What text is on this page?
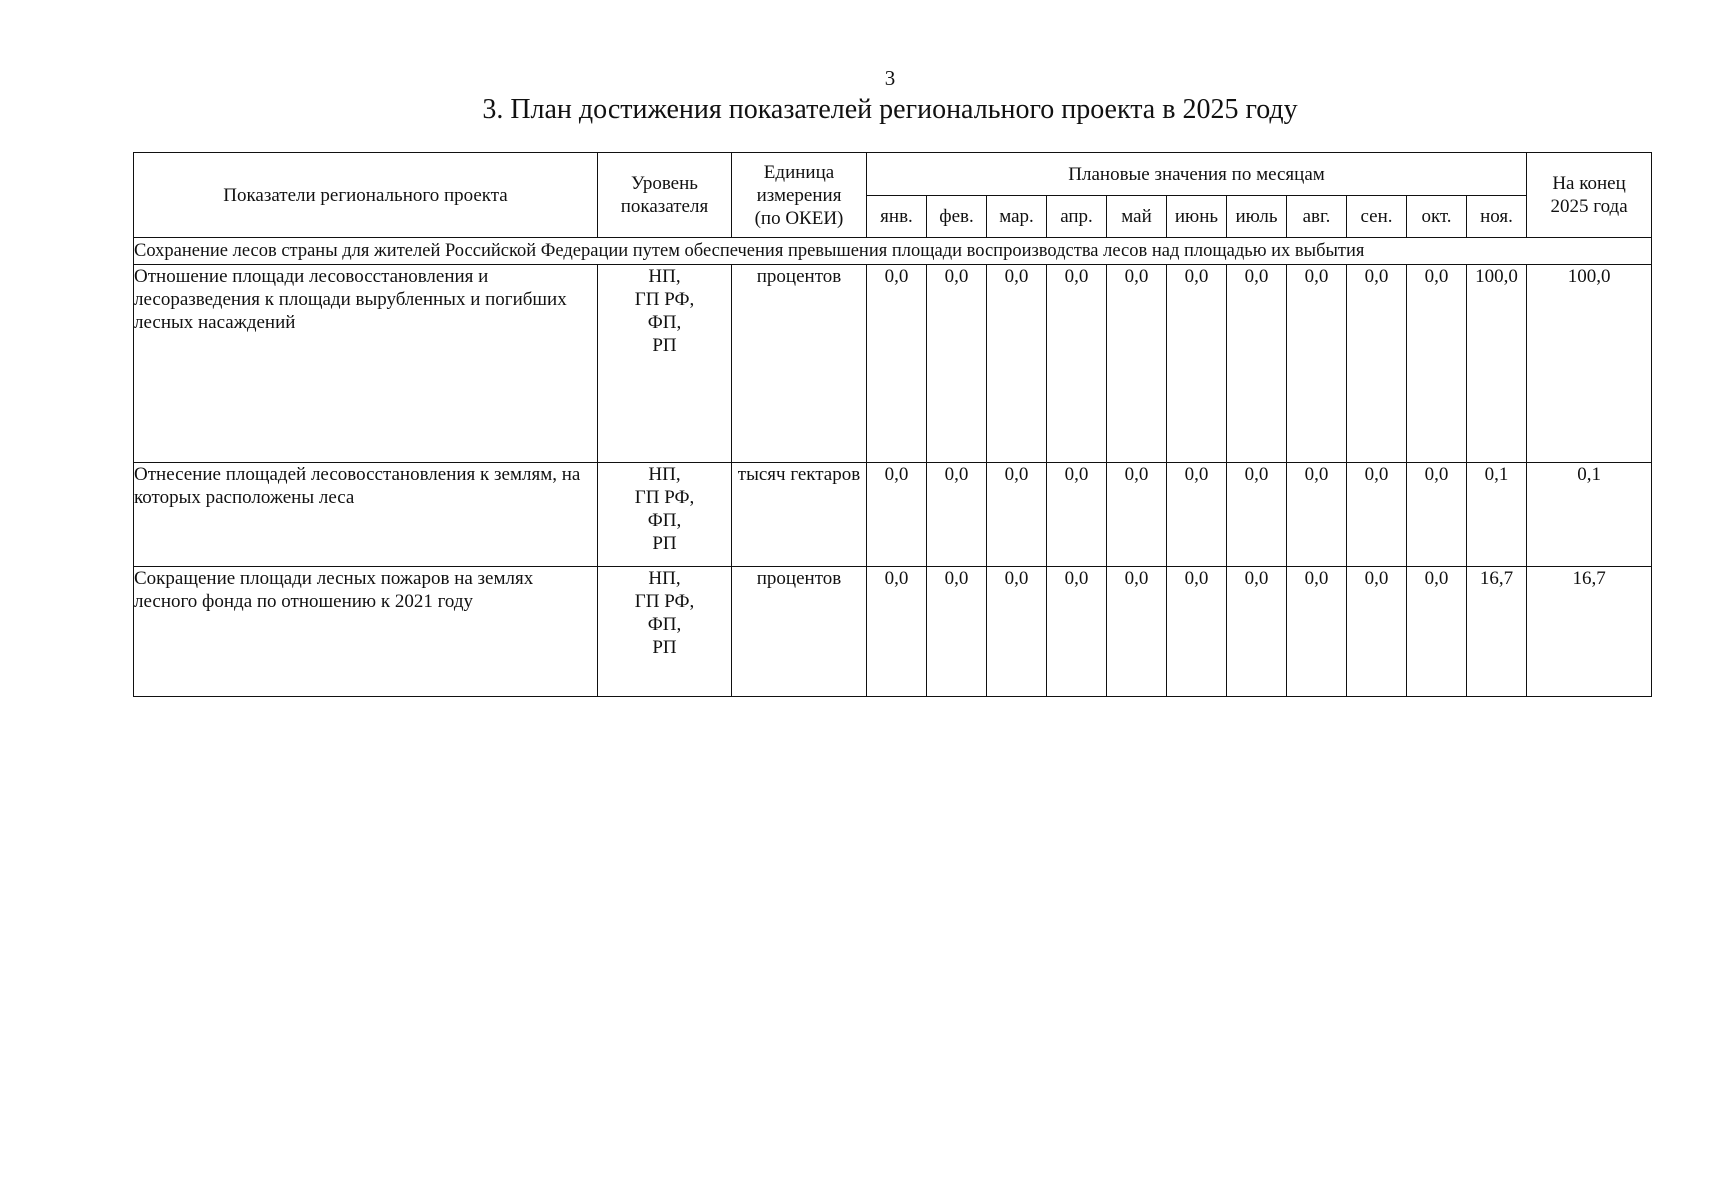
3
3. План достижения показателей регионального проекта в 2025 году
Показатели регионального проекта	Уровень показателя	Единица измерения (по ОКЕИ)	Плановые значения по месяцам											На конец 2025 года
			янв.	фев.	мар.	апр.	май	июнь	июль	авг.	сен.	окт.	ноя.	
Сохранение лесов страны для жителей Российской Федерации путем обеспечения превышения площади воспроизводства лесов над площадью их выбытия														
Отношение площади лесовосстановления и лесоразведения к площади вырубленных и погибших лесных насаждений	НП,
ГП РФ,
ФП,
РП	процентов	0,0	0,0	0,0	0,0	0,0	0,0	0,0	0,0	0,0	0,0	100,0	100,0
Отнесение площадей лесовосстановления к землям, на которых расположены леса	НП,
ГП РФ,
ФП,
РП	тысяч гектаров	0,0	0,0	0,0	0,0	0,0	0,0	0,0	0,0	0,0	0,0	0,1	0,1
Сокращение площади лесных пожаров на землях лесного фонда по отношению к 2021 году	НП,
ГП РФ,
ФП,
РП	процентов	0,0	0,0	0,0	0,0	0,0	0,0	0,0	0,0	0,0	0,0	16,7	16,7
